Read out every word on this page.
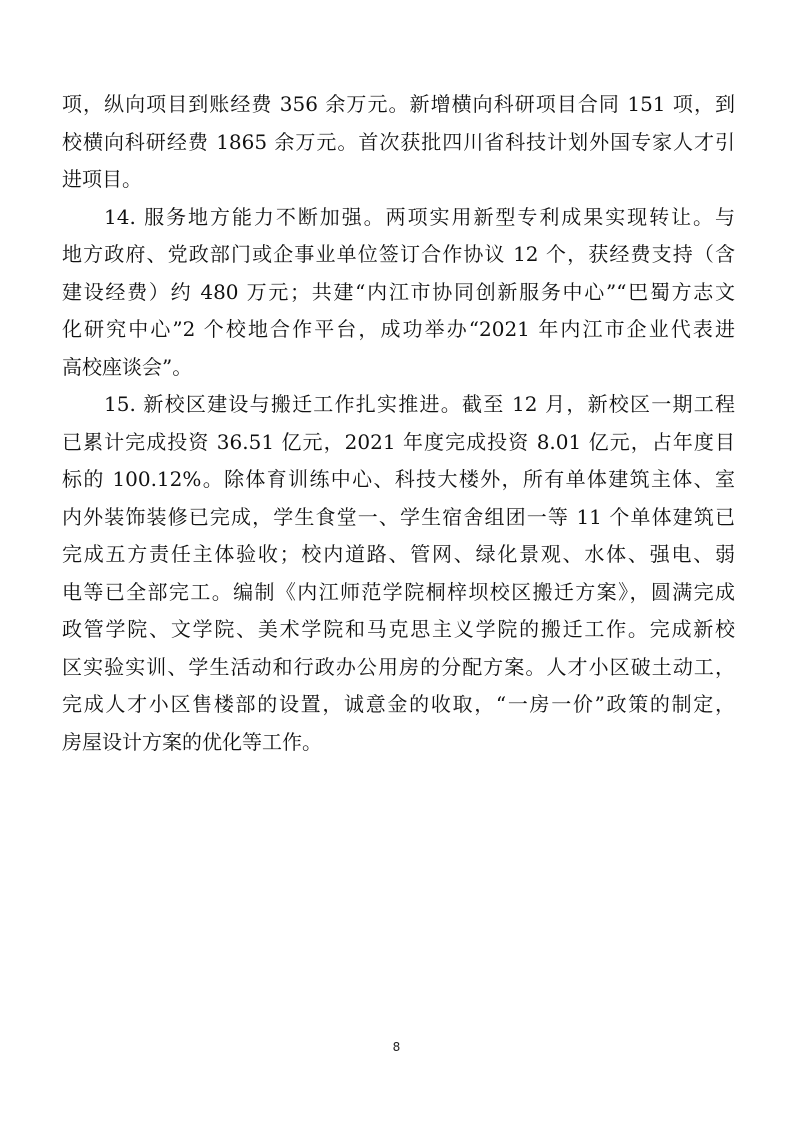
项，纵向项目到账经费 356 余万元。新增横向科研项目合同 151 项，到
校横向科研经费 1865 余万元。首次获批四川省科技计划外国专家人才引
进项目。
14. 服务地方能力不断加强。两项实用新型专利成果实现转让。与
地方政府、党政部门或企事业单位签订合作协议 12 个，获经费支持（含
建设经费）约 480 万元；共建“内江市协同创新服务中心”“巴蜀方志文
化研究中心”2 个校地合作平台，成功举办“2021 年内江市企业代表进
高校座谈会”。
15. 新校区建设与搬迁工作扎实推进。截至 12 月，新校区一期工程
已累计完成投资 36.51 亿元，2021 年度完成投资 8.01 亿元，占年度目
标的 100.12%。除体育训练中心、科技大楼外，所有单体建筑主体、室
内外装饰装修已完成，学生食堂一、学生宿舍组团一等 11 个单体建筑已
完成五方责任主体验收；校内道路、管网、绿化景观、水体、强电、弱
电等已全部完工。编制《内江师范学院桐梓坝校区搬迁方案》，圆满完成
政管学院、文学院、美术学院和马克思主义学院的搬迁工作。完成新校
区实验实训、学生活动和行政办公用房的分配方案。人才小区破土动工，
完成人才小区售楼部的设置，诚意金的收取，“一房一价”政策的制定，
房屋设计方案的优化等工作。
8
